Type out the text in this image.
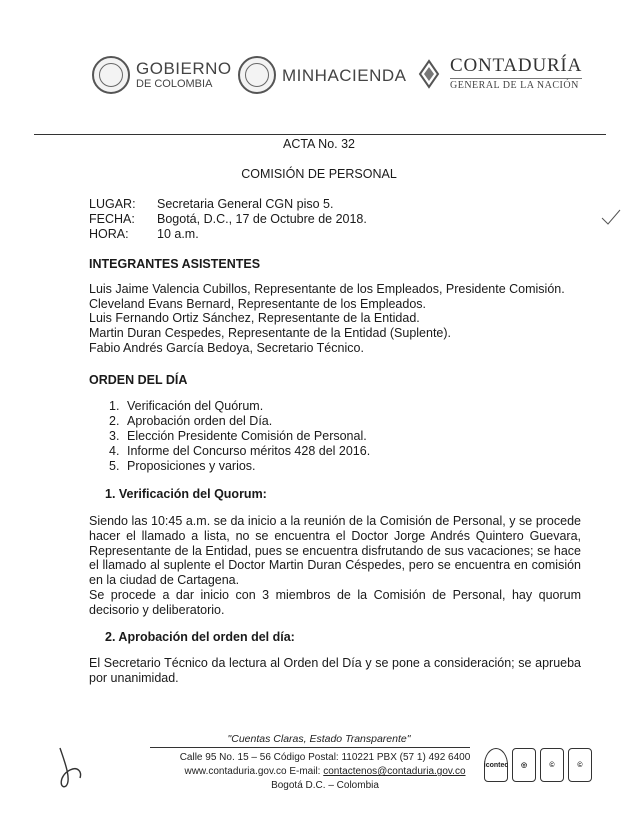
GOBIERNO
DE COLOMBIA	MINHACIENDA CONTADURÍA
GENERAL DE LA NACIÓN
ACTA No. 32
COMISIÓN DE PERSONAL
LUGAR: Secretaria General CGN piso 5.
FECHA: Bogotá, D.C., 17 de Octubre de 2018.
HORA: 10 a.m.
INTEGRANTES ASISTENTES
Luis Jaime Valencia Cubillos, Representante de los Empleados, Presidente Comisión.
Cleveland Evans Bernard, Representante de los Empleados.
Luis Fernando Ortiz Sánchez, Representante de la Entidad.
Martin Duran Cespedes, Representante de la Entidad (Suplente).
Fabio Andrés García Bedoya, Secretario Técnico.
ORDEN DEL DÍA
1. Verificación del Quórum.
2. Aprobación orden del Día.
3. Elección Presidente Comisión de Personal.
4. Informe del Concurso méritos 428 del 2016.
5. Proposiciones y varios.
1. Verificación del Quorum:
Siendo las 10:45 a.m. se da inicio a la reunión de la Comisión de Personal, y se procede hacer el llamado a lista, no se encuentra el Doctor Jorge Andrés Quintero Guevara, Representante de la Entidad, pues se encuentra disfrutando de sus vacaciones; se hace el llamado al suplente el Doctor Martin Duran Céspedes, pero se encuentra en comisión en la ciudad de Cartagena.
Se procede a dar inicio con 3 miembros de la Comisión de Personal, hay quorum decisorio y deliberatorio.
2. Aprobación del orden del día:
El Secretario Técnico da lectura al Orden del Día y se pone a consideración; se aprueba por unanimidad.
"Cuentas Claras, Estado Transparente"
Calle 95 No. 15 – 56 Código Postal: 110221 PBX (57 1) 492 6400
www.contaduria.gov.co E-mail: contactenos@contaduria.gov.co
Bogotá D.C. – Colombia
icontec	◎	©	©
